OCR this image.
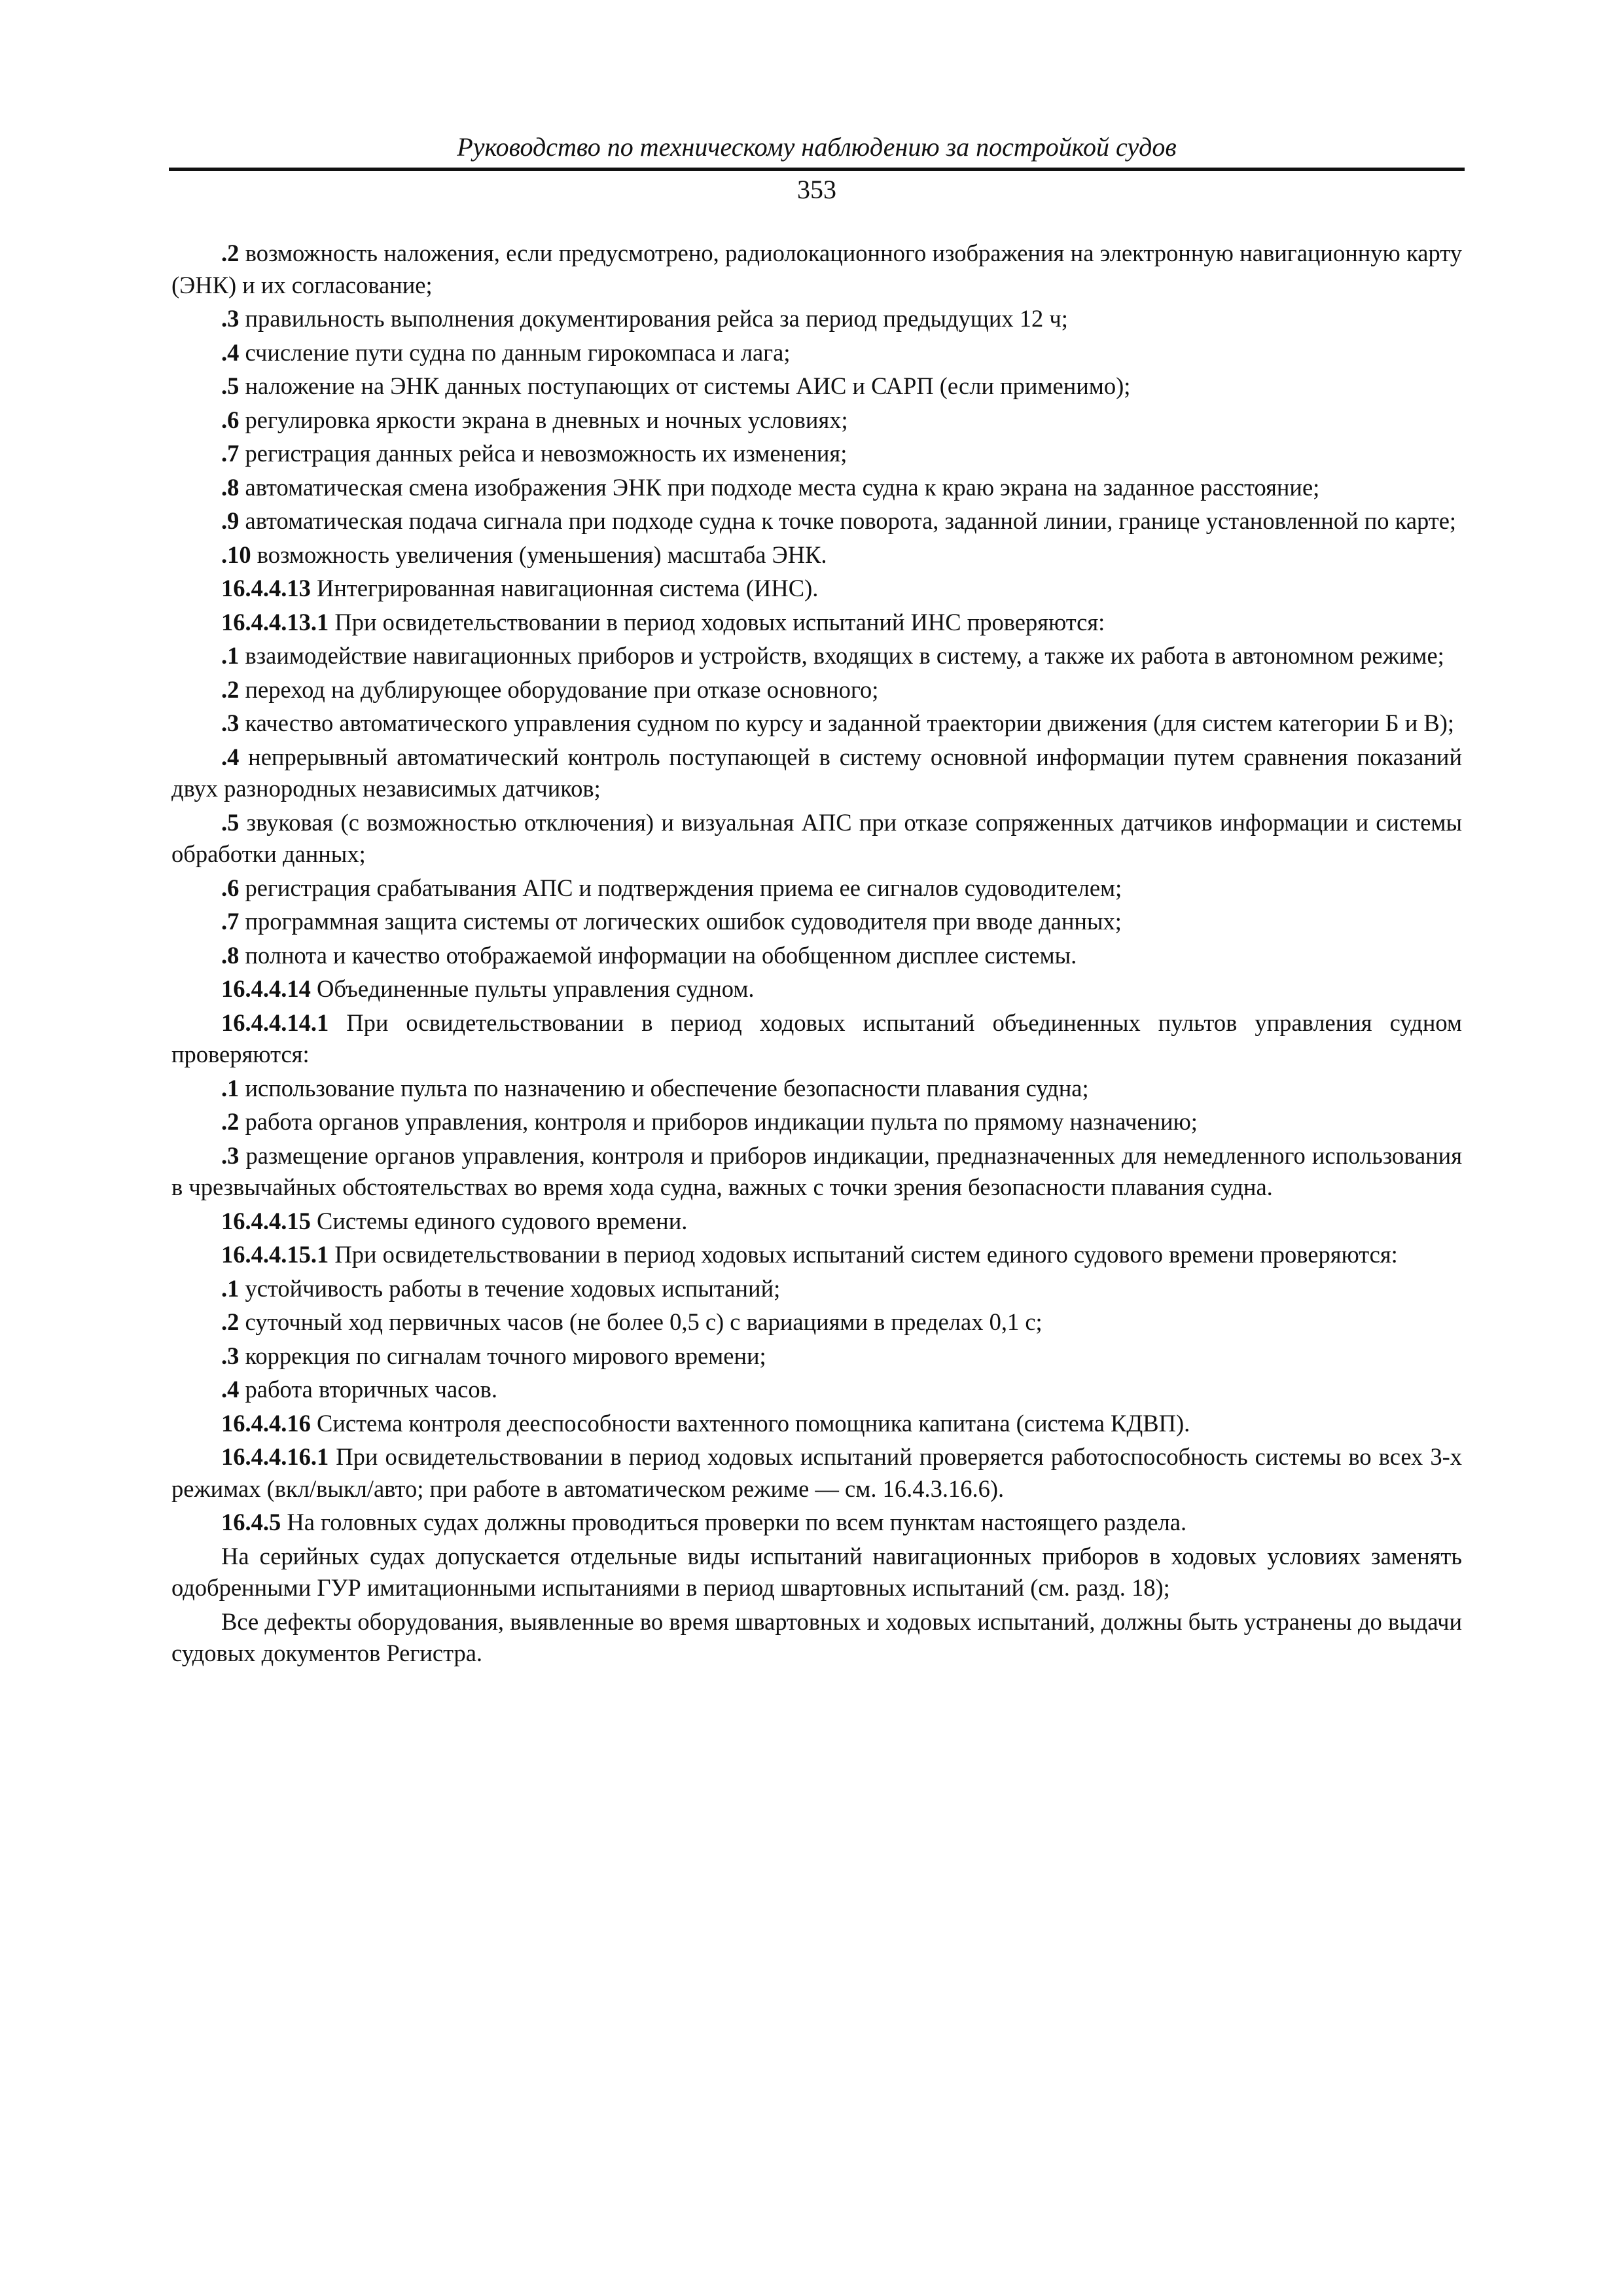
Руководство по техническому наблюдению за постройкой судов
353

.2 возможность наложения, если предусмотрено, радиолокационного изображения на электронную навигационную карту (ЭНК) и их согласование;

.3 правильность выполнения документирования рейса за период предыдущих 12 ч;

.4 счисление пути судна по данным гирокомпаса и лага;

.5 наложение на ЭНК данных поступающих от системы АИС и САРП (если применимо);

.6 регулировка яркости экрана в дневных и ночных условиях;

.7 регистрация данных рейса и невозможность их изменения;

.8 автоматическая смена изображения ЭНК при подходе места судна к краю экрана на заданное расстояние;

.9 автоматическая подача сигнала при подходе судна к точке поворота, заданной линии, границе установленной по карте;

.10 возможность увеличения (уменьшения) масштаба ЭНК.

16.4.4.13 Интегрированная навигационная система (ИНС).

16.4.4.13.1 При освидетельствовании в период ходовых испытаний ИНС проверяются:

.1 взаимодействие навигационных приборов и устройств, входящих в систему, а также их работа в автономном режиме;

.2 переход на дублирующее оборудование при отказе основного;

.3 качество автоматического управления судном по курсу и заданной траектории движения (для систем категории Б и В);

.4 непрерывный автоматический контроль поступающей в систему основной информации путем сравнения показаний двух разнородных независимых датчиков;

.5 звуковая (с возможностью отключения) и визуальная АПС при отказе сопряженных датчиков информации и системы обработки данных;

.6 регистрация срабатывания АПС и подтверждения приема ее сигналов судоводителем;

.7 программная защита системы от логических ошибок судоводителя при вводе данных;

.8 полнота и качество отображаемой информации на обобщенном дисплее системы.

16.4.4.14 Объединенные пульты управления судном.

16.4.4.14.1 При освидетельствовании в период ходовых испытаний объединенных пультов управления судном проверяются:

.1 использование пульта по назначению и обеспечение безопасности плавания судна;

.2 работа органов управления, контроля и приборов индикации пульта по прямому назначению;

.3 размещение органов управления, контроля и приборов индикации, предназначенных для немедленного использования в чрезвычайных обстоятельствах во время хода судна, важных с точки зрения безопасности плавания судна.

16.4.4.15 Системы единого судового времени.

16.4.4.15.1 При освидетельствовании в период ходовых испытаний систем единого судового времени проверяются:

.1 устойчивость работы в течение ходовых испытаний;

.2 суточный ход первичных часов (не более 0,5 с) с вариациями в пределах 0,1 с;

.3 коррекция по сигналам точного мирового времени;

.4 работа вторичных часов.

16.4.4.16 Система контроля дееспособности вахтенного помощника капитана (система КДВП).

16.4.4.16.1 При освидетельствовании в период ходовых испытаний проверяется работоспособность системы во всех 3-х режимах (вкл/выкл/авто; при работе в автоматическом режиме — см. 16.4.3.16.6).

16.4.5 На головных судах должны проводиться проверки по всем пунктам настоящего раздела.

На серийных судах допускается отдельные виды испытаний навигационных приборов в ходовых условиях заменять одобренными ГУР имитационными испытаниями в период швартовных испытаний (см. разд. 18);

Все дефекты оборудования, выявленные во время швартовных и ходовых испытаний, должны быть устранены до выдачи судовых документов Регистра.
